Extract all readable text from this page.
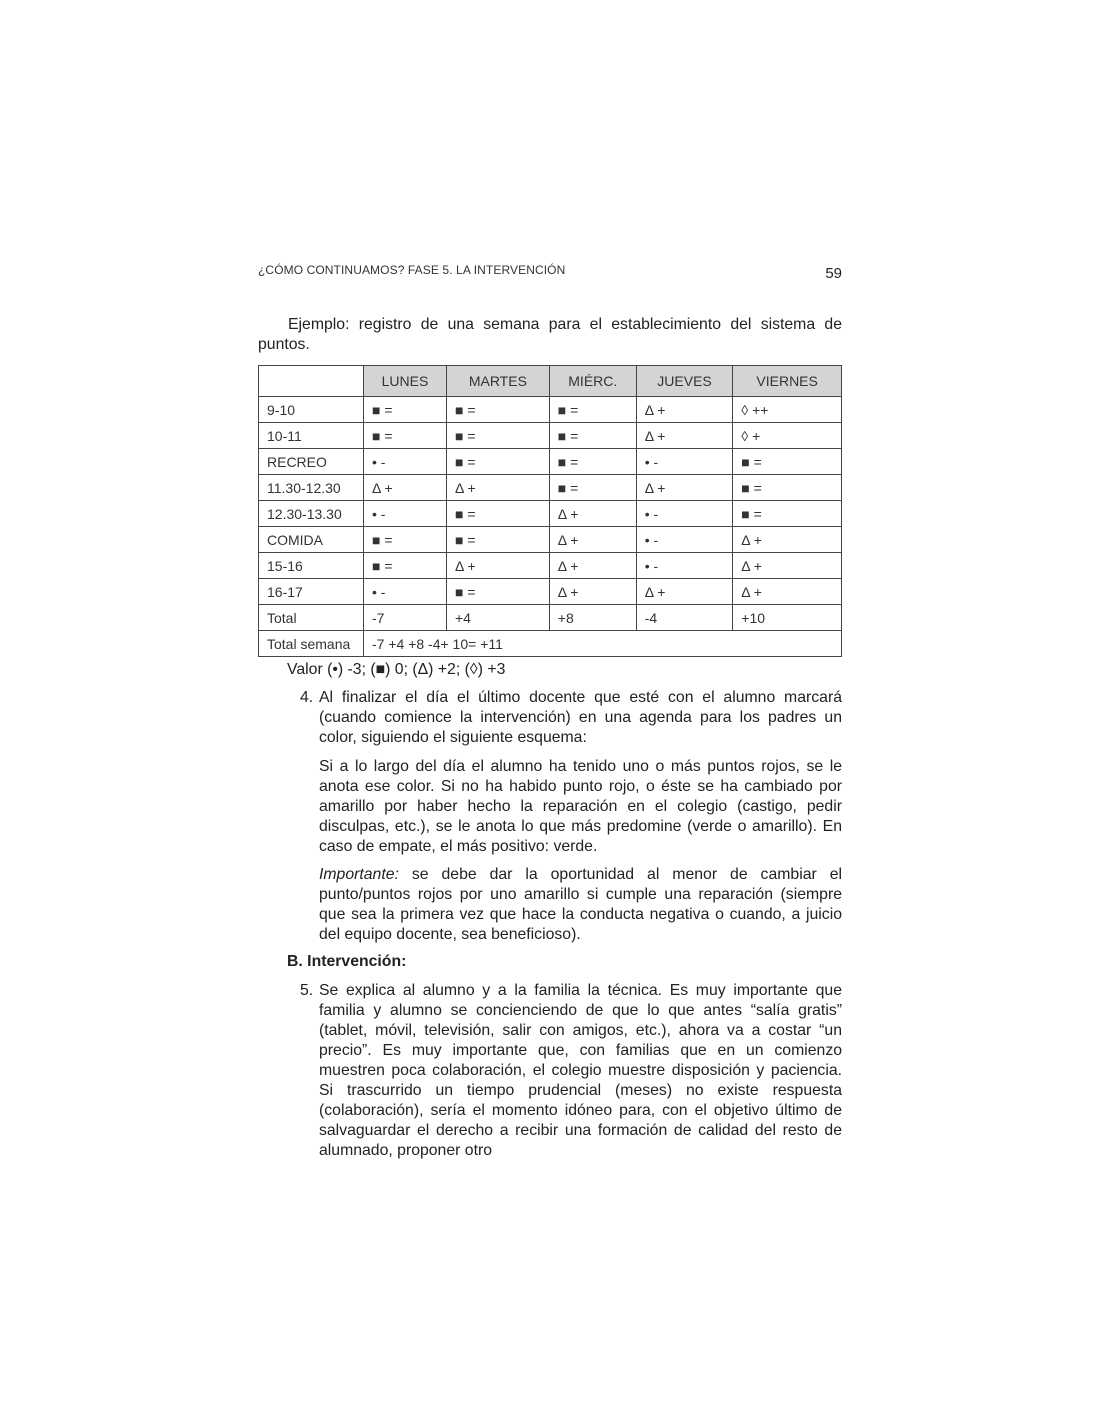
¿CÓMO CONTINUAMOS? FASE 5. LA INTERVENCIÓN	59

Ejemplo: registro de una semana para el establecimiento del sistema de puntos.

	LUNES	MARTES	MIÉRC.	JUEVES	VIERNES
9-10	■ =	■ =	■ =	Δ +	◊ ++
10-11	■ =	■ =	■ =	Δ +	◊ +
RECREO	• -	■ =	■ =	• -	■ =
11.30-12.30	Δ +	Δ +	■ =	Δ +	■ =
12.30-13.30	• -	■ =	Δ +	• -	■ =
COMIDA	■ =	■ =	Δ +	• -	Δ +
15-16	■ =	Δ +	Δ +	• -	Δ +
16-17	• -	■ =	Δ +	Δ +	Δ +
Total	-7	+4	+8	-4	+10
Total semana	-7 +4 +8 -4+ 10= +11				
Valor (•) -3; (■) 0; (Δ) +2; (◊) +3
4. Al finalizar el día el último docente que esté con el alumno marcará (cuando comience la intervención) en una agenda para los padres un color, siguiendo el siguiente esquema:
Si a lo largo del día el alumno ha tenido uno o más puntos rojos, se le anota ese color. Si no ha habido punto rojo, o éste se ha cambiado por amarillo por haber hecho la reparación en el colegio (castigo, pedir disculpas, etc.), se le anota lo que más predomine (verde o amarillo). En caso de empate, el más positivo: verde.
Importante: se debe dar la oportunidad al menor de cambiar el punto/puntos rojos por uno amarillo si cumple una reparación (siempre que sea la primera vez que hace la conducta negativa o cuando, a juicio del equipo docente, sea beneficioso).
B. Intervención:
5. Se explica al alumno y a la familia la técnica. Es muy importante que familia y alumno se concienciendo de que lo que antes “salía gratis” (tablet, móvil, televisión, salir con amigos, etc.), ahora va a costar “un precio”. Es muy importante que, con familias que en un comienzo muestren poca colaboración, el colegio muestre disposición y paciencia. Si trascurrido un tiempo prudencial (meses) no existe respuesta (colaboración), sería el momento idóneo para, con el objetivo último de salvaguardar el derecho a recibir una formación de calidad del resto de alumnado, proponer otro
